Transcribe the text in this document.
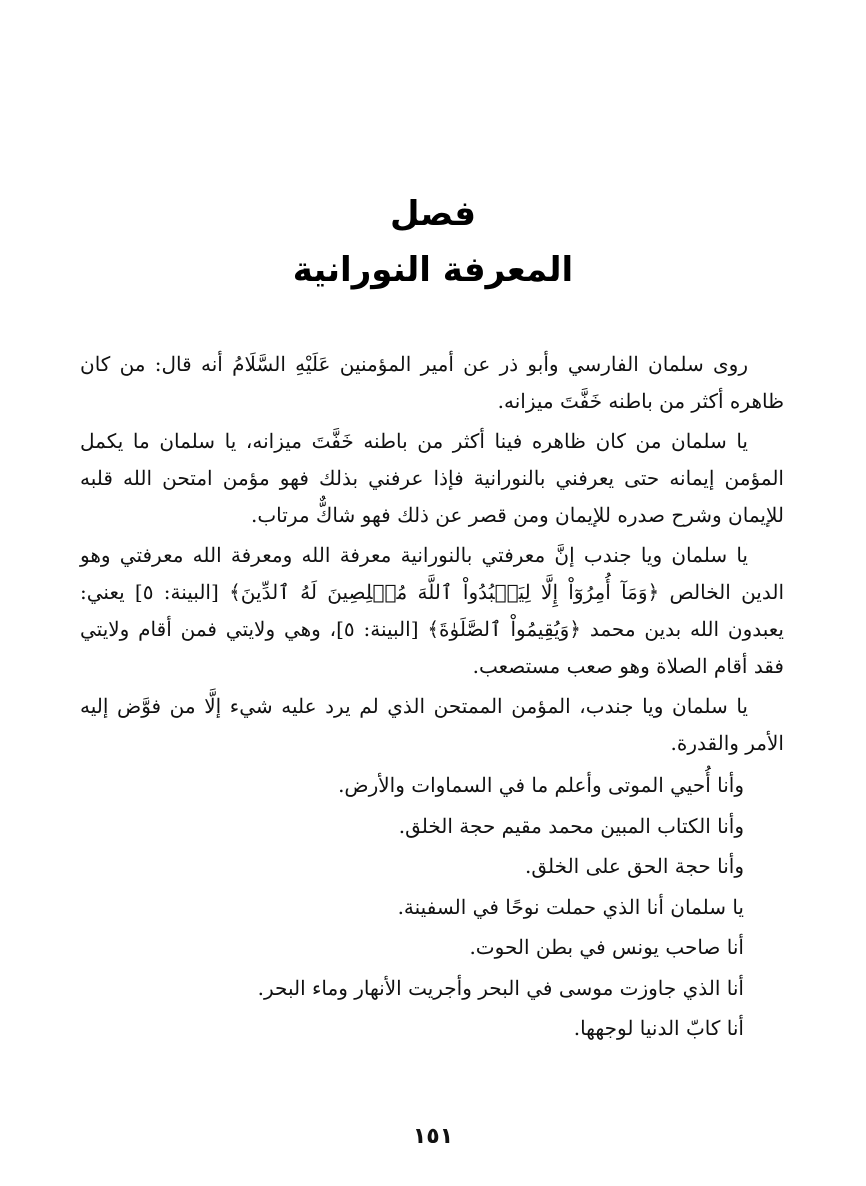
فصل
المعرفة النورانية

روى سلمان الفارسي وأبو ذر عن أمير المؤمنين عَلَيْهِ السَّلَامُ أنه قال: من كان ظاهره أكثر من باطنه خَفَّتَ ميزانه.

يا سلمان من كان ظاهره فينا أكثر من باطنه خَفَّتَ ميزانه، يا سلمان ما يكمل المؤمن إيمانه حتى يعرفني بالنورانية فإذا عرفني بذلك فهو مؤمن امتحن الله قلبه للإيمان وشرح صدره للإيمان ومن قصر عن ذلك فهو شاكٌّ مرتاب.

يا سلمان ويا جندب إنَّ معرفتي بالنورانية معرفة الله ومعرفة الله معرفتي وهو الدين الخالص ﴿وَمَآ أُمِرُوٓاْ إِلَّا لِيَعۡبُدُواْ ٱللَّهَ مُخۡلِصِينَ لَهُ ٱلدِّينَ﴾ [البينة: ٥] يعني: يعبدون الله بدين محمد ﴿وَيُقِيمُواْ ٱلصَّلَوٰةَ﴾ [البينة: ٥]، وهي ولايتي فمن أقام ولايتي فقد أقام الصلاة وهو صعب مستصعب.

يا سلمان ويا جندب، المؤمن الممتحن الذي لم يرد عليه شيء إلَّا من فوَّض إليه الأمر والقدرة.

وأنا أُحيي الموتى وأعلم ما في السماوات والأرض.

وأنا الكتاب المبين محمد مقيم حجة الخلق.

وأنا حجة الحق على الخلق.

يا سلمان أنا الذي حملت نوحًا في السفينة.

أنا صاحب يونس في بطن الحوت.

أنا الذي جاوزت موسى في البحر وأجريت الأنهار وماء البحر.

أنا كابّ الدنيا لوجهها.

١٥١
